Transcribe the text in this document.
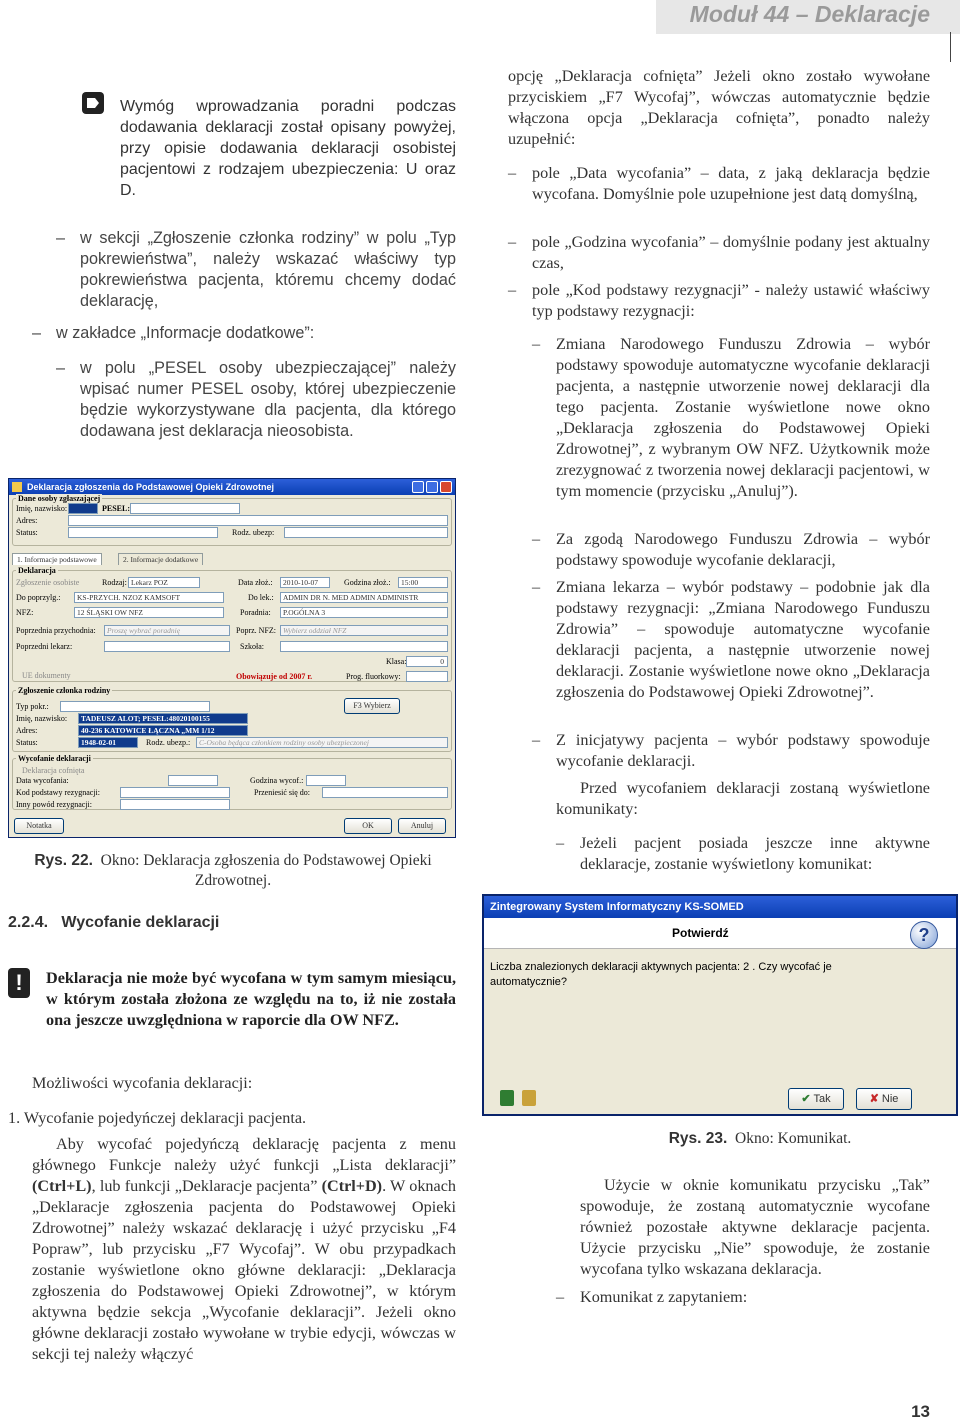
Moduł 44 – Deklaracje
Wymóg wprowadzania poradni podczas dodawania deklaracji został opisany powyżej, przy opisie dodawania deklaracji osobistej pacjentowi z rodzajem ubezpieczenia: U oraz D.
– w sekcji „Zgłoszenie członka rodziny” w polu „Typ pokrewieństwa”, należy wskazać właściwy typ pokrewieństwa pacjenta, któremu chcemy dodać deklarację,
– w zakładce „Informacje dodatkowe”:
– w polu „PESEL osoby ubezpieczającej” należy wpisać numer PESEL osoby, której ubezpieczenie będzie wykorzystywane dla pacjenta, dla którego dodawana jest deklaracja nieosobista.
Deklaracja zgłoszenia do Podstawowej Opieki Zdrowotnej
Dane osoby zgłaszającej
Imię, nazwisko:	PESEL:
Adres:
Status:	Rodz. ubezp:
1. Informacje podstawowe	2. Informacje dodatkowe
Deklaracja
Zgłoszenie osobiste	Rodzaj: Lekarz POZ	Data złoż.:	2010-10-07	Godzina złoż.:	15:00
Do poprzylg.:	KS-PRZYCH. NZOZ KAMSOFT	Do lek.:	ADMIN DR N. MED ADMIN ADMINISTR
NFZ:	12 ŚLĄSKI OW NFZ	Poradnia:	P.OGÓLNA 3
Poprzednia przychodnia:	Proszę wybrać poradnię	Poprz. NFZ: Wybierz oddział NFZ
Poprzedni lekarz:	Szkoła:
Klasa:	0
UE dokumenty	Obowiązuje od 2007 r.	Prog. fluorkowy:
Zgłoszenie członka rodziny
Typ pokr.:	F3 Wybierz
Imię, nazwisko:	TADEUSZ ALOT; PESEL:48020100155
Adres:	40-236 KATOWICE ŁĄCZNA „MM 1/12
Status:	1948-02-01	Rodz. ubezp.:	C-Osoba będąca członkiem rodziny osoby ubezpieczonej
Wycofanie deklaracji
Deklaracja cofnięta
Data wycofania:	Godzina wycof.:
Kod podstawy rezygnacji:	Przeniesić się do:
Inny powód rezygnacji:
Notatka	OK	Anuluj
Rys. 22. Okno: Deklaracja zgłoszenia do Podstawowej Opieki Zdrowotnej.
2.2.4. Wycofanie deklaracji
!	Deklaracja nie może być wycofana w tym samym miesiącu, w którym została złożona ze względu na to, iż nie została ona jeszcze uwzględniona w raporcie dla OW NFZ.
Możliwości wycofania deklaracji:
1. Wycofanie pojedyńczej deklaracji pacjenta.
Aby wycofać pojedyńczą deklarację pacjenta z menu głównego Funkcje należy użyć funkcji „Lista deklaracji” (Ctrl+L), lub funkcji „Deklaracje pacjenta” (Ctrl+D). W oknach „Deklaracje zgłoszenia pacjenta do Podstawowej Opieki Zdrowotnej” należy wskazać deklarację i użyć przycisku „F4 Popraw”, lub przycisku „F7 Wycofaj”. W obu przypadkach zostanie wyświetlone okno główne deklaracji: „Deklaracja zgłoszenia do Podstawowej Opieki Zdrowotnej”, w którym aktywna będzie sekcja „Wycofanie deklaracji”. Jeżeli okno główne deklaracji zostało wywołane w trybie edycji, wówczas w sekcji tej należy włączyć
opcję „Deklaracja cofnięta” Jeżeli okno zostało wywołane przyciskiem „F7 Wycofaj”, wówczas automatycznie będzie włączona opcja „Deklaracja cofnięta”, ponadto należy uzupełnić:
– pole „Data wycofania” – data, z jaką deklaracja będzie wycofana. Domyślnie pole uzupełnione jest datą domyślną,
– pole „Godzina wycofania” – domyślnie podany jest aktualny czas,
– pole „Kod podstawy rezygnacji” - należy ustawić właściwy typ podstawy rezygnacji:
– Zmiana Narodowego Funduszu Zdrowia – wybór podstawy spowoduje automatyczne wycofanie deklaracji pacjenta, a następnie utworzenie nowej deklaracji dla tego pacjenta. Zostanie wyświetlone nowe okno „Deklaracja zgłoszenia do Podstawowej Opieki Zdrowotnej”, z wybranym OW NFZ. Użytkownik może zrezygnować z tworzenia nowej deklaracji pacjentowi, w tym momencie (przycisku „Anuluj”).
– Za zgodą Narodowego Funduszu Zdrowia – wybór podstawy spowoduje wycofanie deklaracji,
– Zmiana lekarza – wybór podstawy – podobnie jak dla podstawy rezygnacji: „Zmiana Narodowego Funduszu Zdrowia” – spowoduje automatyczne wycofanie deklaracji pacjenta, a następnie utworzenie nowej deklaracji. Zostanie wyświetlone nowe okno „Deklaracja zgłoszenia do Podstawowej Opieki Zdrowotnej”.
– Z inicjatywy pacjenta – wybór podstawy spowoduje wycofanie deklaracji.
Przed wycofaniem deklaracji zostaną wyświetlone komunikaty:
– Jeżeli pacjent posiada jeszcze inne aktywne deklaracje, zostanie wyświetlony komunikat:
Zintegrowany System Informatyczny KS-SOMED
Potwierdź	?
Liczba znalezionych deklaracji aktywnych pacjenta: 2 . Czy wycofać je automatycznie?
✔ Tak	✘ Nie
Rys. 23. Okno: Komunikat.
Użycie w oknie komunikatu przycisku „Tak” spowoduje, że zostaną automatycznie wycofane również pozostałe aktywne deklaracje pacjenta. Użycie przycisku „Nie” spowoduje, że zostanie wycofana tylko wskazana deklaracja.
– Komunikat z zapytaniem:
13
